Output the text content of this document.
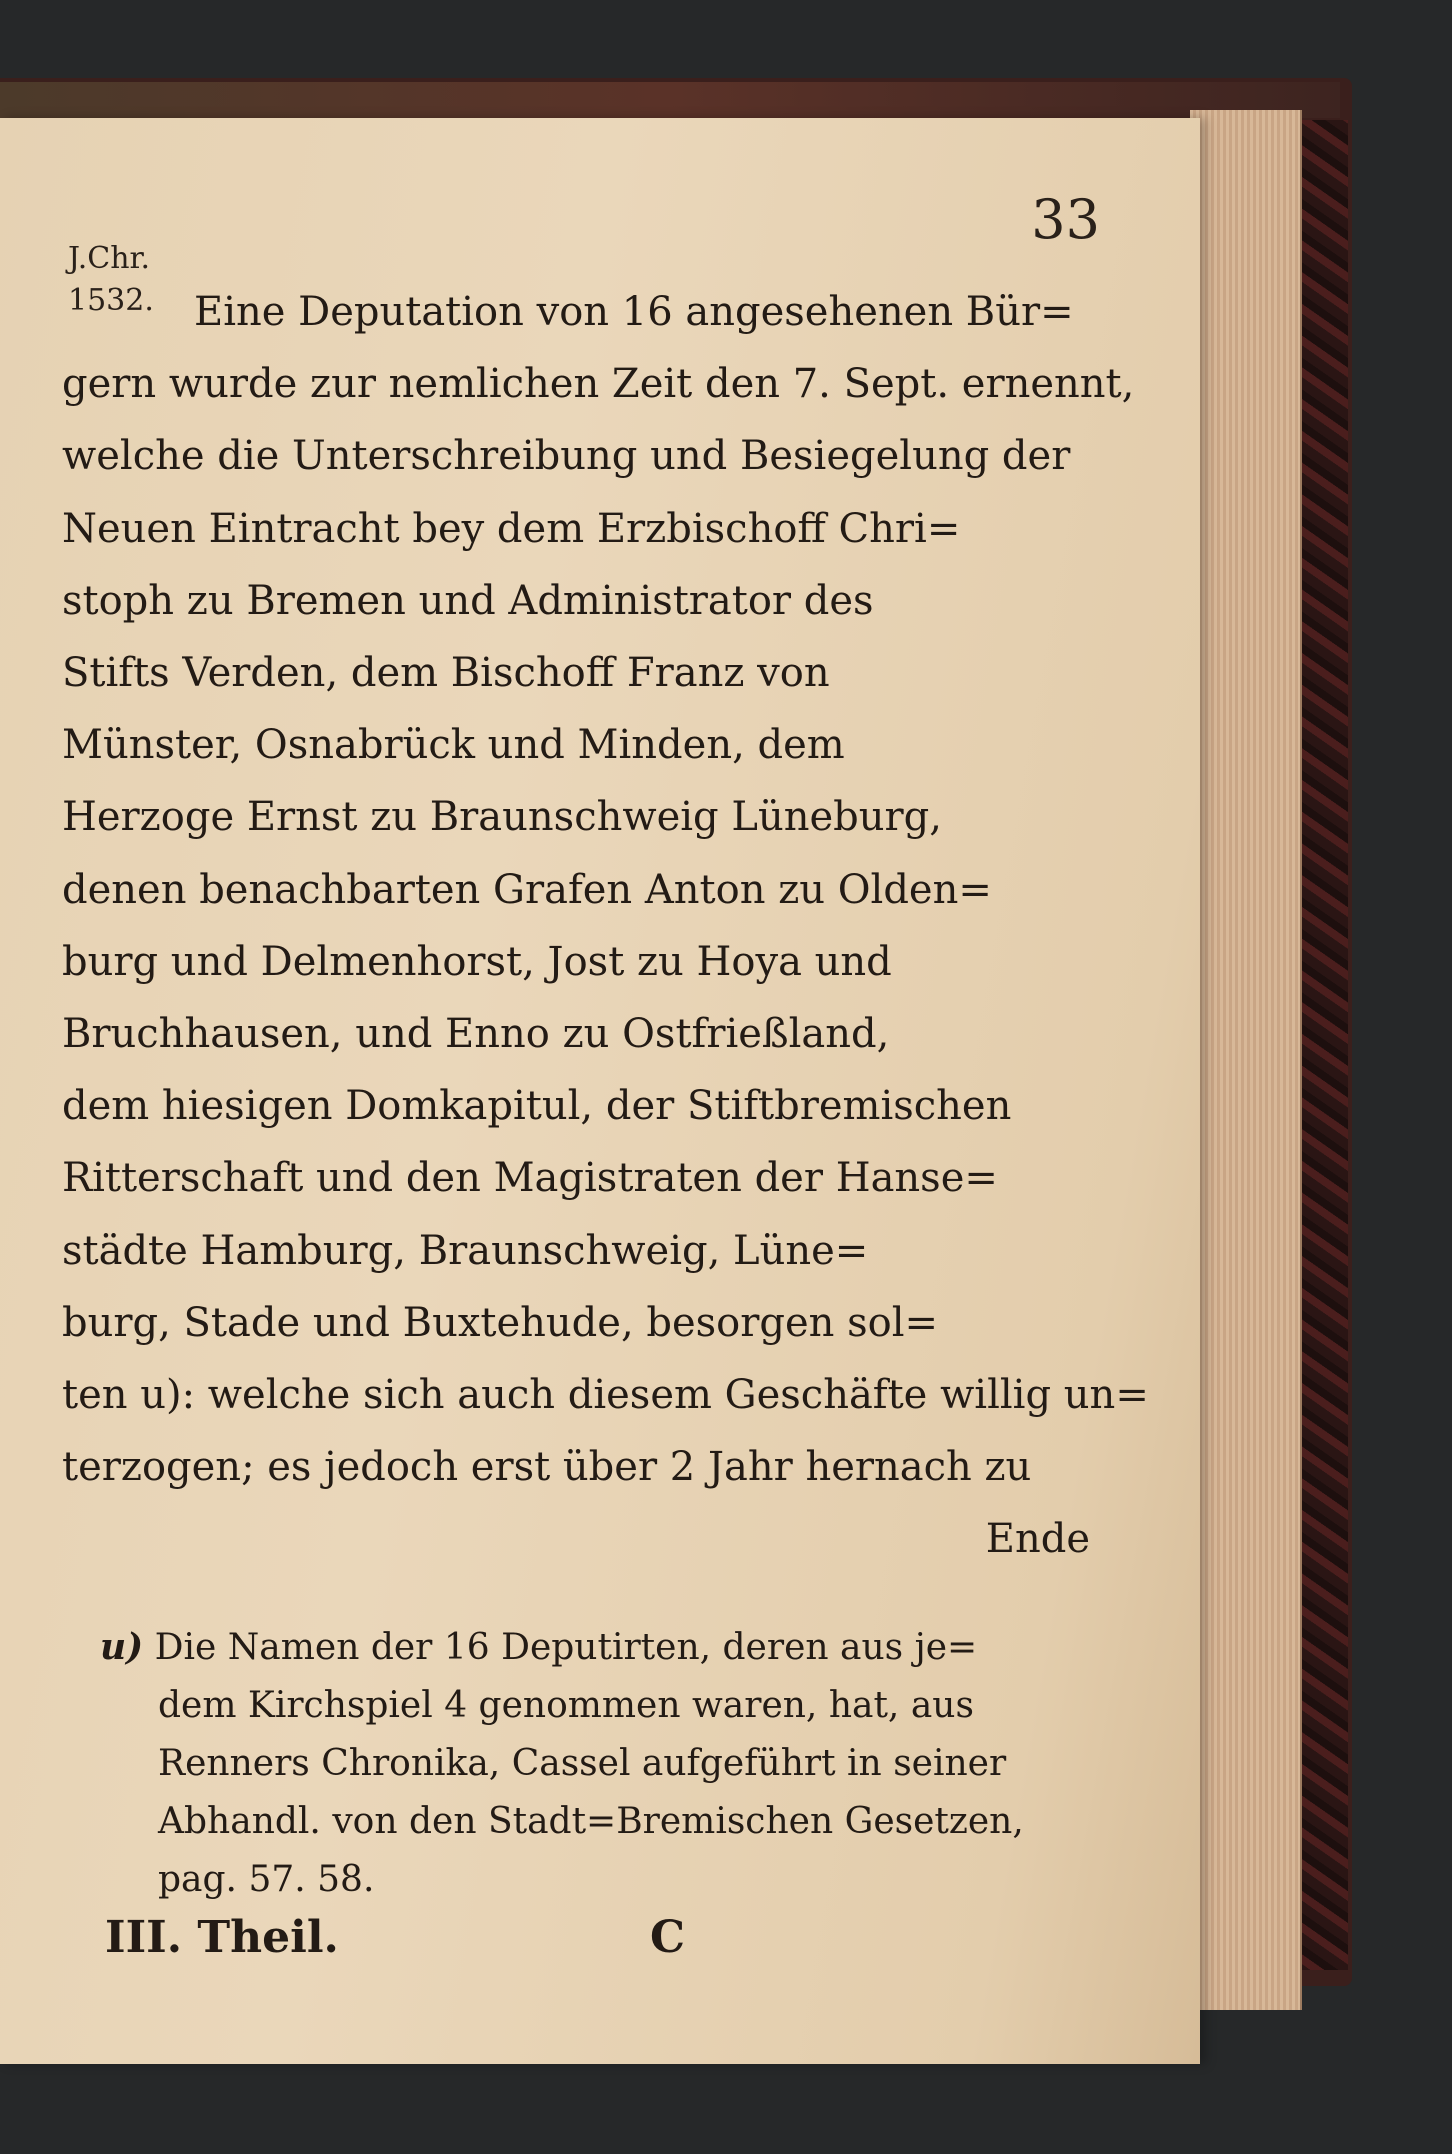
33
J.Chr.
1532.	Eine Deputation von 16 angesehenen Bür=
gern wurde zur nemlichen Zeit den 7. Sept. ernennt,
welche die Unterschreibung und Besiegelung der
Neuen Eintracht bey dem Erzbischoff Chri=
stoph zu Bremen und Administrator des
Stifts Verden, dem Bischoff Franz von
Münster, Osnabrück und Minden, dem
Herzoge Ernst zu Braunschweig Lüneburg,
denen benachbarten Grafen Anton zu Olden=
burg und Delmenhorst, Jost zu Hoya und
Bruchhausen, und Enno zu Ostfrießland,
dem hiesigen Domkapitul, der Stiftbremischen
Ritterschaft und den Magistraten der Hanse=
städte Hamburg, Braunschweig, Lüne=
burg, Stade und Buxtehude, besorgen sol=
ten u): welche sich auch diesem Geschäfte willig un=
terzogen; es jedoch erst über 2 Jahr hernach zu
Ende
u) Die Namen der 16 Deputirten, deren aus je=
dem Kirchspiel 4 genommen waren, hat, aus
Renners Chronika, Cassel aufgeführt in seiner
Abhandl. von den Stadt=Bremischen Gesetzen,
pag. 57. 58.
III. Theil.	C
